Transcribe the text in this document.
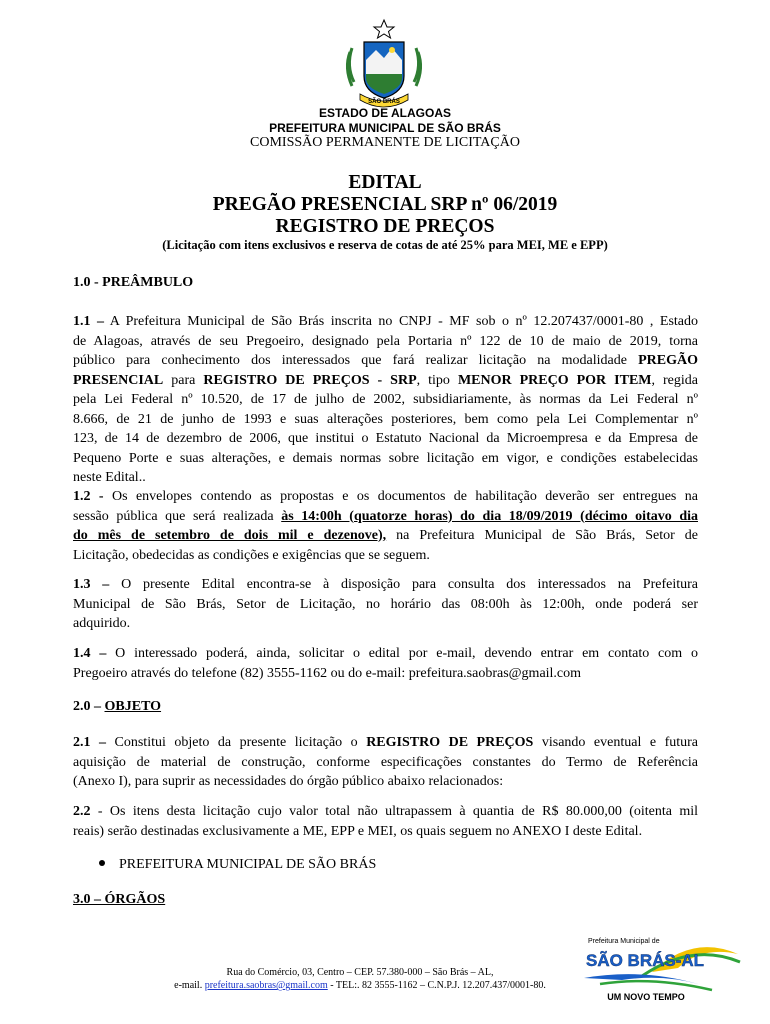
SÃO BRÁS
ESTADO DE ALAGOAS
PREFEITURA MUNICIPAL DE SÃO BRÁS
COMISSÃO PERMANENTE DE LICITAÇÃO
EDITAL
PREGÃO PRESENCIAL SRP nº 06/2019
REGISTRO DE PREÇOS
(Licitação com itens exclusivos e reserva de cotas de até 25% para MEI, ME e EPP)
1.0 - PREÂMBULO
1.1 – A Prefeitura Municipal de São Brás inscrita no CNPJ - MF sob o nº 12.207437/0001-80 , Estado
de Alagoas, através de seu Pregoeiro, designado pela Portaria nº 122 de 10 de maio de 2019, torna
público para conhecimento dos interessados que fará realizar licitação na modalidade PREGÃO
PRESENCIAL para REGISTRO DE PREÇOS - SRP, tipo MENOR PREÇO POR ITEM, regida
pela Lei Federal nº 10.520, de 17 de julho de 2002, subsidiariamente, às normas da Lei Federal nº
8.666, de 21 de junho de 1993 e suas alterações posteriores, bem como pela Lei Complementar nº
123, de 14 de dezembro de 2006, que institui o Estatuto Nacional da Microempresa e da Empresa de
Pequeno Porte e suas alterações, e demais normas sobre licitação em vigor, e condições estabelecidas
neste Edital..
1.2 - Os envelopes contendo as propostas e os documentos de habilitação deverão ser entregues na
sessão pública que será realizada às 14:00h (quatorze horas) do dia 18/09/2019 (décimo oitavo dia
do mês de setembro de dois mil e dezenove), na Prefeitura Municipal de São Brás, Setor de
Licitação, obedecidas as condições e exigências que se seguem.
1.3 – O presente Edital encontra-se à disposição para consulta dos interessados na Prefeitura
Municipal de São Brás, Setor de Licitação, no horário das 08:00h às 12:00h, onde poderá ser
adquirido.
1.4 – O interessado poderá, ainda, solicitar o edital por e-mail, devendo entrar em contato com o
Pregoeiro através do telefone (82) 3555-1162 ou do e-mail: prefeitura.saobras@gmail.com
2.0 – OBJETO
2.1 – Constitui objeto da presente licitação o REGISTRO DE PREÇOS visando eventual e futura
aquisição de material de construção, conforme especificações constantes do Termo de Referência
(Anexo I), para suprir as necessidades do órgão público abaixo relacionados:
2.2 - Os itens desta licitação cujo valor total não ultrapassem à quantia de R$ 80.000,00 (oitenta mil
reais) serão destinadas exclusivamente a ME, EPP e MEI, os quais seguem no ANEXO I deste Edital.
PREFEITURA MUNICIPAL DE SÃO BRÁS
3.0 – ÓRGÃOS
Rua do Comércio, 03, Centro – CEP. 57.380-000 – São Brás – AL,
e-mail. prefeitura.saobras@gmail.com - TEL:. 82 3555-1162 – C.N.P.J. 12.207.437/0001-80.
Prefeitura Municipal de
SÃO BRÁS-AL
UM NOVO TEMPO
